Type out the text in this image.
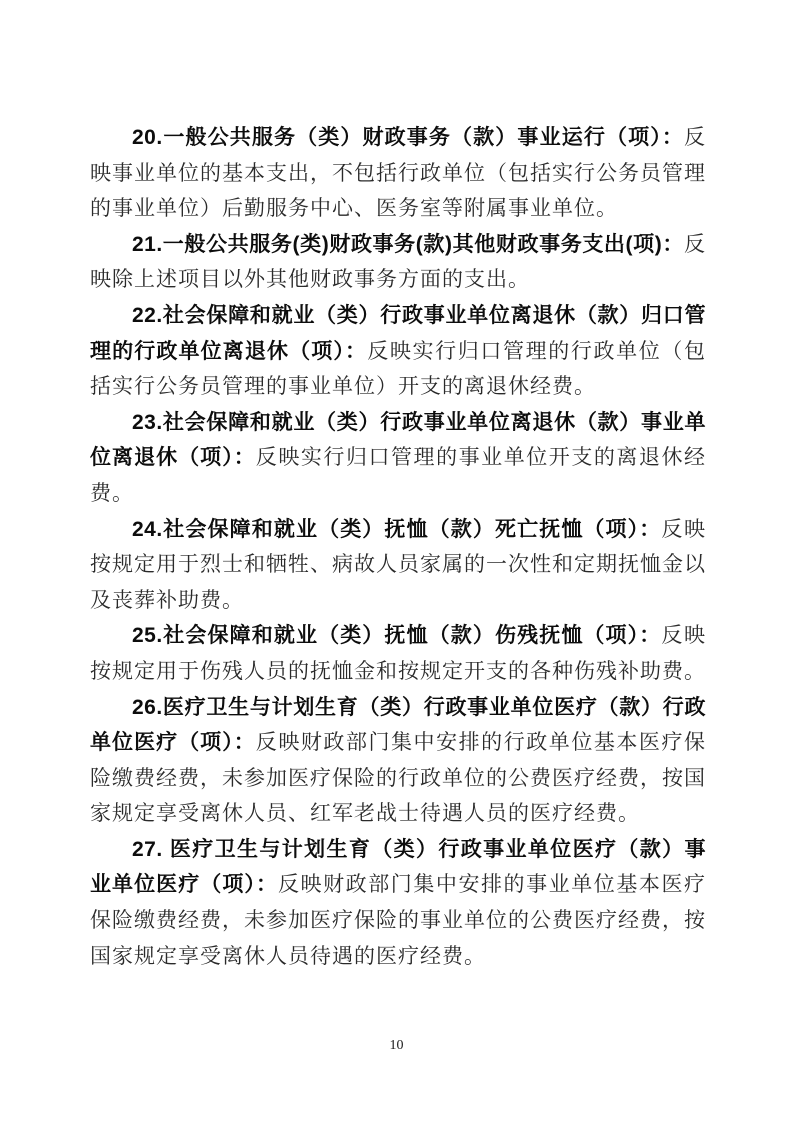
20.一般公共服务（类）财政事务（款）事业运行（项）：反映事业单位的基本支出，不包括行政单位（包括实行公务员管理的事业单位）后勤服务中心、医务室等附属事业单位。

21.一般公共服务(类)财政事务(款)其他财政事务支出(项)：反映除上述项目以外其他财政事务方面的支出。

22.社会保障和就业（类）行政事业单位离退休（款）归口管理的行政单位离退休（项）：反映实行归口管理的行政单位（包括实行公务员管理的事业单位）开支的离退休经费。

23.社会保障和就业（类）行政事业单位离退休（款）事业单位离退休（项）：反映实行归口管理的事业单位开支的离退休经费。

24.社会保障和就业（类）抚恤（款）死亡抚恤（项）：反映按规定用于烈士和牺牲、病故人员家属的一次性和定期抚恤金以及丧葬补助费。

25.社会保障和就业（类）抚恤（款）伤残抚恤（项）：反映按规定用于伤残人员的抚恤金和按规定开支的各种伤残补助费。

26.医疗卫生与计划生育（类）行政事业单位医疗（款）行政单位医疗（项）：反映财政部门集中安排的行政单位基本医疗保险缴费经费，未参加医疗保险的行政单位的公费医疗经费，按国家规定享受离休人员、红军老战士待遇人员的医疗经费。

27. 医疗卫生与计划生育（类）行政事业单位医疗（款）事业单位医疗（项）：反映财政部门集中安排的事业单位基本医疗保险缴费经费，未参加医疗保险的事业单位的公费医疗经费，按国家规定享受离休人员待遇的医疗经费。

10
